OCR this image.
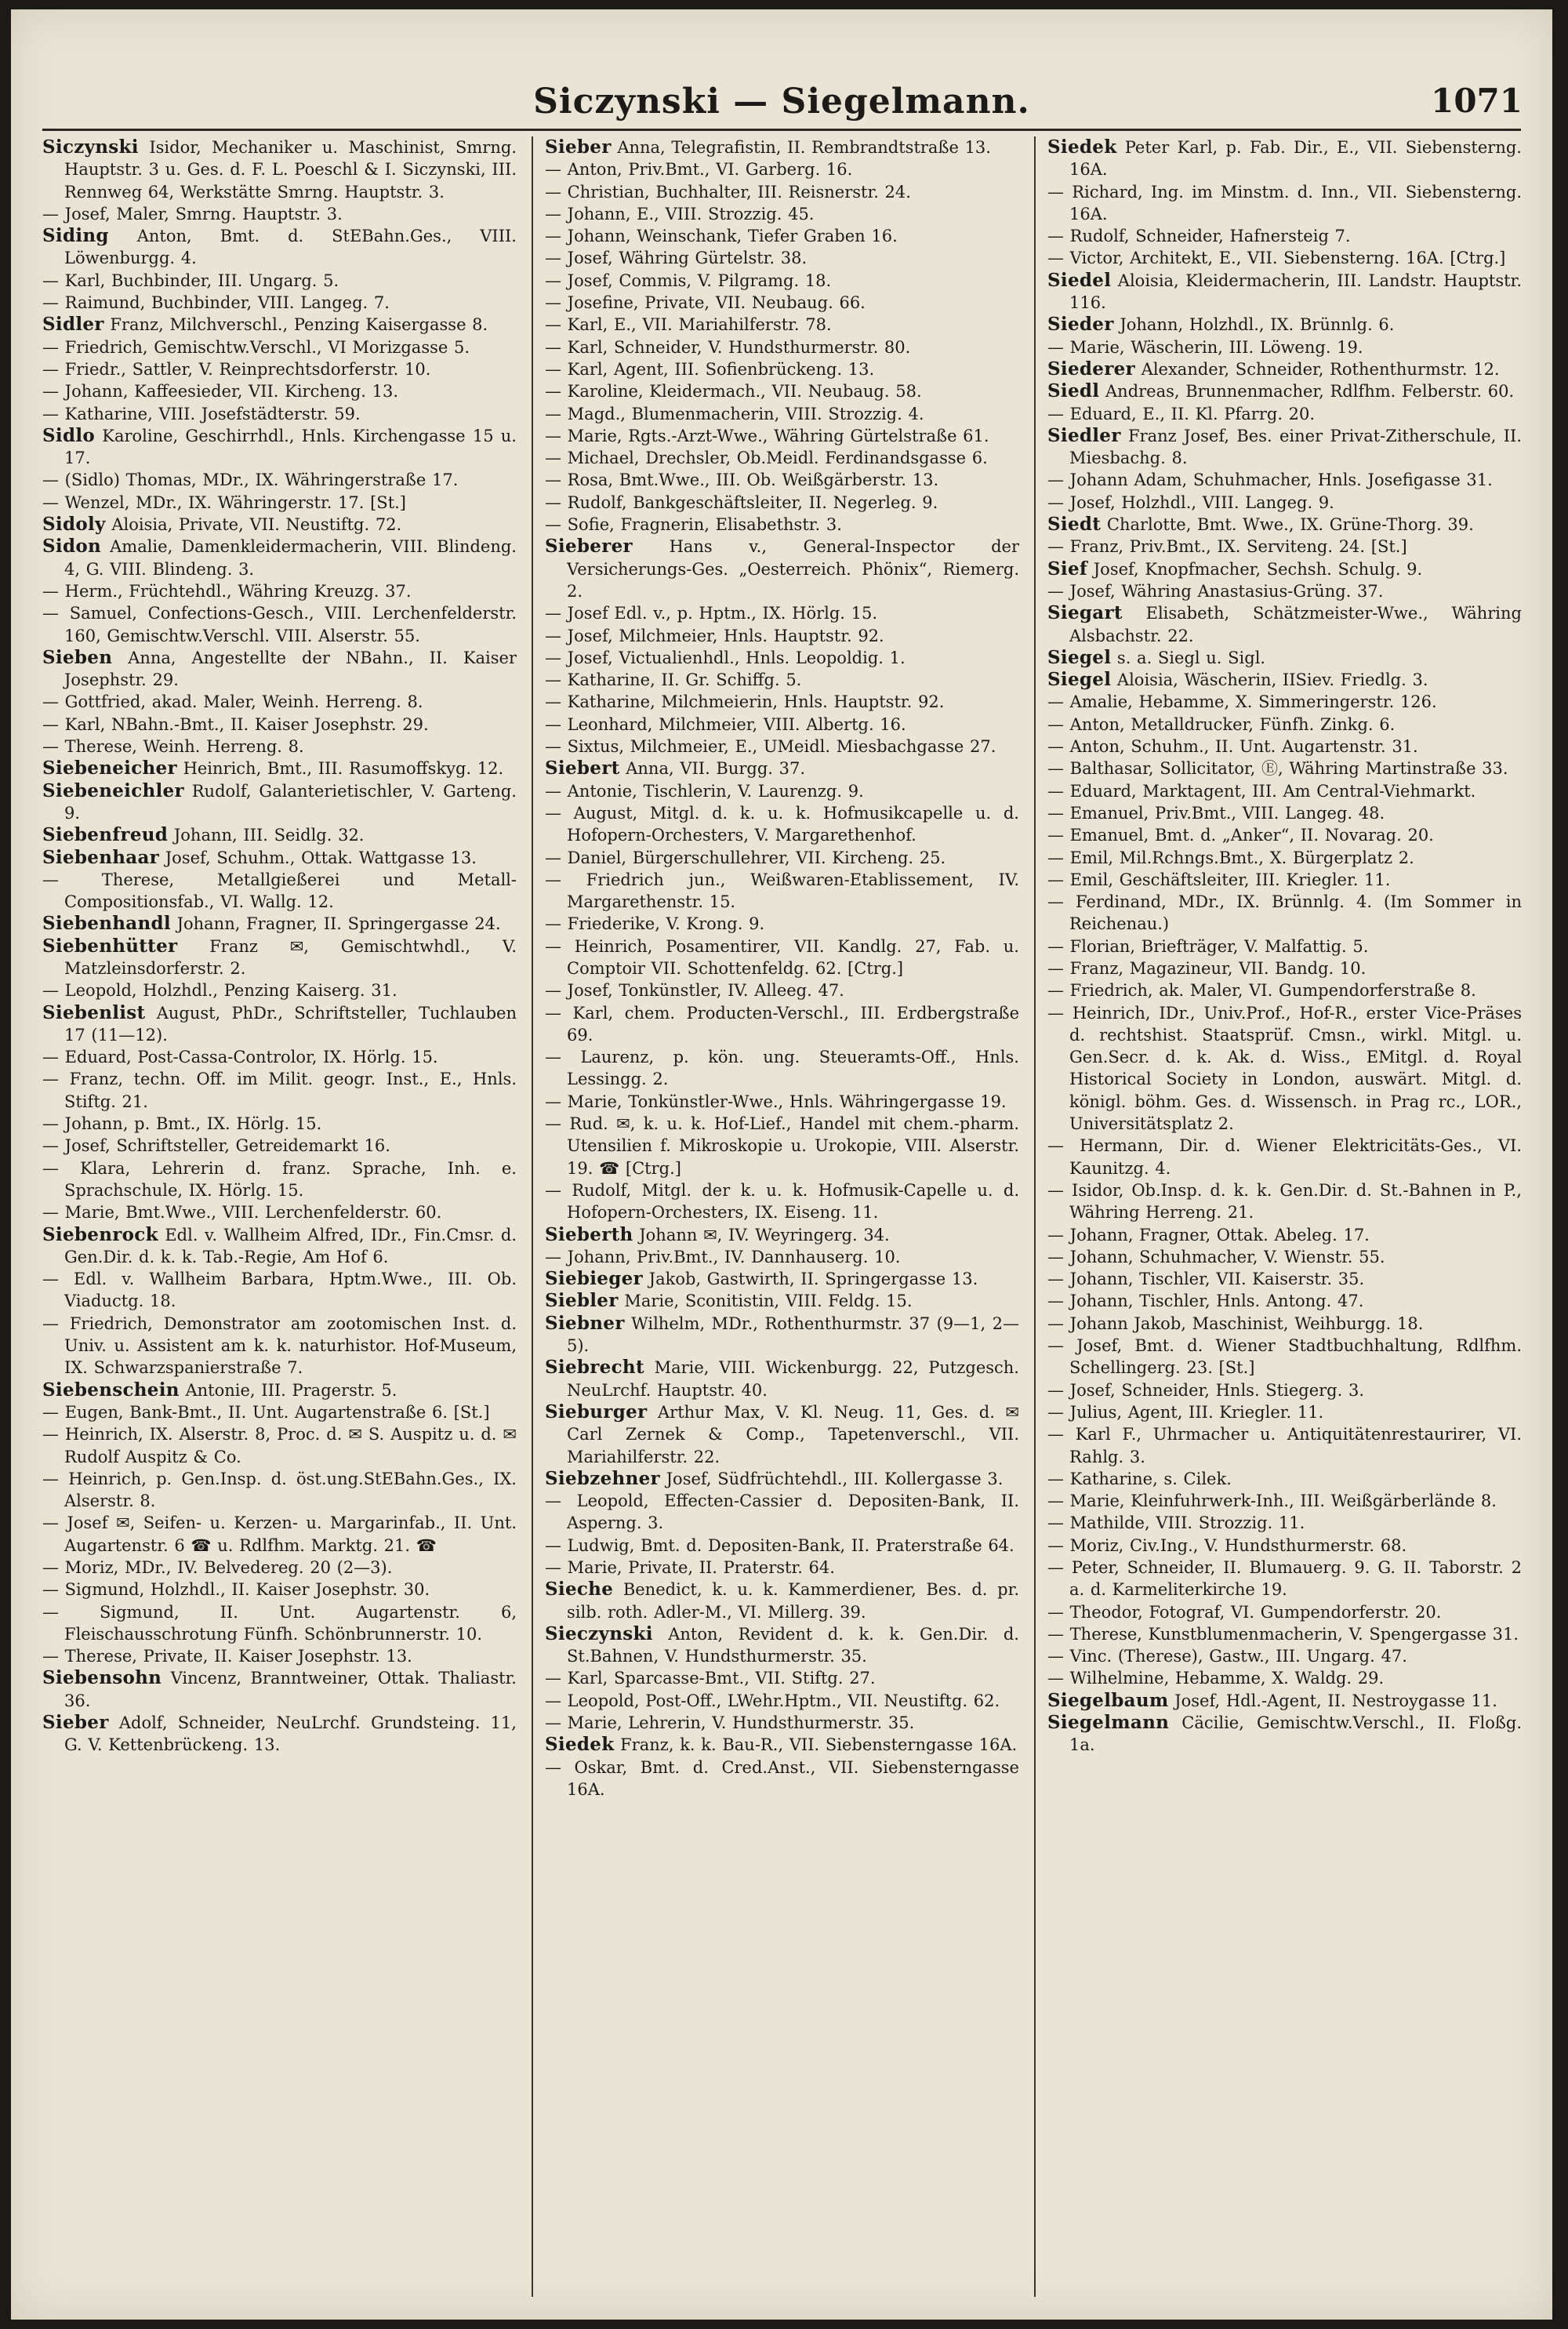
Siczynski — Siegelmann.	1071

Siczynski Isidor, Mechaniker u. Maschinist, Smrng. Hauptstr. 3 u. Ges. d. F. L. Poeschl & I. Siczynski, III. Rennweg 64, Werkstätte Smrng. Hauptstr. 3.

— Josef, Maler, Smrng. Hauptstr. 3.

Siding Anton, Bmt. d. StEBahn.Ges., VIII. Löwenburgg. 4.

— Karl, Buchbinder, III. Ungarg. 5.

— Raimund, Buchbinder, VIII. Langeg. 7.

Sidler Franz, Milchverschl., Penzing Kaisergasse 8.

— Friedrich, Gemischtw.Verschl., VI Morizgasse 5.

— Friedr., Sattler, V. Reinprechtsdorferstr. 10.

— Johann, Kaffeesieder, VII. Kircheng. 13.

— Katharine, VIII. Josefstädterstr. 59.

Sidlo Karoline, Geschirrhdl., Hnls. Kirchengasse 15 u. 17.

— (Sidlo) Thomas, MDr., IX. Währingerstraße 17.

— Wenzel, MDr., IX. Währingerstr. 17. [St.]

Sidoly Aloisia, Private, VII. Neustiftg. 72.

Sidon Amalie, Damenkleidermacherin, VIII. Blindeng. 4, G. VIII. Blindeng. 3.

— Herm., Früchtehdl., Währing Kreuzg. 37.

— Samuel, Confections-Gesch., VIII. Lerchenfelderstr. 160, Gemischtw.Verschl. VIII. Alserstr. 55.

Sieben Anna, Angestellte der NBahn., II. Kaiser Josephstr. 29.

— Gottfried, akad. Maler, Weinh. Herreng. 8.

— Karl, NBahn.-Bmt., II. Kaiser Josephstr. 29.

— Therese, Weinh. Herreng. 8.

Siebeneicher Heinrich, Bmt., III. Rasumoffskyg. 12.

Siebeneichler Rudolf, Galanterietischler, V. Garteng. 9.

Siebenfreud Johann, III. Seidlg. 32.

Siebenhaar Josef, Schuhm., Ottak. Wattgasse 13.

— Therese, Metallgießerei und Metall-Compositionsfab., VI. Wallg. 12.

Siebenhandl Johann, Fragner, II. Springergasse 24.

Siebenhütter Franz ✉, Gemischtwhdl., V. Matzleinsdorferstr. 2.

— Leopold, Holzhdl., Penzing Kaiserg. 31.

Siebenlist August, PhDr., Schriftsteller, Tuchlauben 17 (11—12).

— Eduard, Post-Cassa-Controlor, IX. Hörlg. 15.

— Franz, techn. Off. im Milit. geogr. Inst., E., Hnls. Stiftg. 21.

— Johann, p. Bmt., IX. Hörlg. 15.

— Josef, Schriftsteller, Getreidemarkt 16.

— Klara, Lehrerin d. franz. Sprache, Inh. e. Sprachschule, IX. Hörlg. 15.

— Marie, Bmt.Wwe., VIII. Lerchenfelderstr. 60.

Siebenrock Edl. v. Wallheim Alfred, IDr., Fin.Cmsr. d. Gen.Dir. d. k. k. Tab.-Regie, Am Hof 6.

— Edl. v. Wallheim Barbara, Hptm.Wwe., III. Ob. Viaductg. 18.

— Friedrich, Demonstrator am zootomischen Inst. d. Univ. u. Assistent am k. k. naturhistor. Hof-Museum, IX. Schwarzspanierstraße 7.

Siebenschein Antonie, III. Pragerstr. 5.

— Eugen, Bank-Bmt., II. Unt. Augartenstraße 6. [St.]

— Heinrich, IX. Alserstr. 8, Proc. d. ✉ S. Auspitz u. d. ✉ Rudolf Auspitz & Co.

— Heinrich, p. Gen.Insp. d. öst.ung.StEBahn.Ges., IX. Alserstr. 8.

— Josef ✉, Seifen- u. Kerzen- u. Margarinfab., II. Unt. Augartenstr. 6 ☎ u. Rdlfhm. Marktg. 21. ☎

— Moriz, MDr., IV. Belvedereg. 20 (2—3).

— Sigmund, Holzhdl., II. Kaiser Josephstr. 30.

— Sigmund, II. Unt. Augartenstr. 6, Fleischausschrotung Fünfh. Schönbrunnerstr. 10.

— Therese, Private, II. Kaiser Josephstr. 13.

Siebensohn Vincenz, Branntweiner, Ottak. Thaliastr. 36.

Sieber Adolf, Schneider, NeuLrchf. Grundsteing. 11, G. V. Kettenbrückeng. 13.

Sieber Anna, Telegrafistin, II. Rembrandtstraße 13.

— Anton, Priv.Bmt., VI. Garberg. 16.

— Christian, Buchhalter, III. Reisnerstr. 24.

— Johann, E., VIII. Strozzig. 45.

— Johann, Weinschank, Tiefer Graben 16.

— Josef, Währing Gürtelstr. 38.

— Josef, Commis, V. Pilgramg. 18.

— Josefine, Private, VII. Neubaug. 66.

— Karl, E., VII. Mariahilferstr. 78.

— Karl, Schneider, V. Hundsthurmerstr. 80.

— Karl, Agent, III. Sofienbrückeng. 13.

— Karoline, Kleidermach., VII. Neubaug. 58.

— Magd., Blumenmacherin, VIII. Strozzig. 4.

— Marie, Rgts.-Arzt-Wwe., Währing Gürtelstraße 61.

— Michael, Drechsler, Ob.Meidl. Ferdinandsgasse 6.

— Rosa, Bmt.Wwe., III. Ob. Weißgärberstr. 13.

— Rudolf, Bankgeschäftsleiter, II. Negerleg. 9.

— Sofie, Fragnerin, Elisabethstr. 3.

Sieberer Hans v., General-Inspector der Versicherungs-Ges. „Oesterreich. Phönix“, Riemerg. 2.

— Josef Edl. v., p. Hptm., IX. Hörlg. 15.

— Josef, Milchmeier, Hnls. Hauptstr. 92.

— Josef, Victualienhdl., Hnls. Leopoldig. 1.

— Katharine, II. Gr. Schiffg. 5.

— Katharine, Milchmeierin, Hnls. Hauptstr. 92.

— Leonhard, Milchmeier, VIII. Albertg. 16.

— Sixtus, Milchmeier, E., UMeidl. Miesbachgasse 27.

Siebert Anna, VII. Burgg. 37.

— Antonie, Tischlerin, V. Laurenzg. 9.

— August, Mitgl. d. k. u. k. Hofmusikcapelle u. d. Hofopern-Orchesters, V. Margarethenhof.

— Daniel, Bürgerschullehrer, VII. Kircheng. 25.

— Friedrich jun., Weißwaren-Etablissement, IV. Margarethenstr. 15.

— Friederike, V. Krong. 9.

— Heinrich, Posamentirer, VII. Kandlg. 27, Fab. u. Comptoir VII. Schottenfeldg. 62. [Ctrg.]

— Josef, Tonkünstler, IV. Alleeg. 47.

— Karl, chem. Producten-Verschl., III. Erdbergstraße 69.

— Laurenz, p. kön. ung. Steueramts-Off., Hnls. Lessingg. 2.

— Marie, Tonkünstler-Wwe., Hnls. Währingergasse 19.

— Rud. ✉, k. u. k. Hof-Lief., Handel mit chem.-pharm. Utensilien f. Mikroskopie u. Urokopie, VIII. Alserstr. 19. ☎ [Ctrg.]

— Rudolf, Mitgl. der k. u. k. Hofmusik-Capelle u. d. Hofopern-Orchesters, IX. Eiseng. 11.

Sieberth Johann ✉, IV. Weyringerg. 34.

— Johann, Priv.Bmt., IV. Dannhauserg. 10.

Siebieger Jakob, Gastwirth, II. Springergasse 13.

Siebler Marie, Sconitistin, VIII. Feldg. 15.

Siebner Wilhelm, MDr., Rothenthurmstr. 37 (9—1, 2—5).

Siebrecht Marie, VIII. Wickenburgg. 22, Putzgesch. NeuLrchf. Hauptstr. 40.

Sieburger Arthur Max, V. Kl. Neug. 11, Ges. d. ✉ Carl Zernek & Comp., Tapetenverschl., VII. Mariahilferstr. 22.

Siebzehner Josef, Südfrüchtehdl., III. Kollergasse 3.

— Leopold, Effecten-Cassier d. Depositen-Bank, II. Asperng. 3.

— Ludwig, Bmt. d. Depositen-Bank, II. Praterstraße 64.

— Marie, Private, II. Praterstr. 64.

Sieche Benedict, k. u. k. Kammerdiener, Bes. d. pr. silb. roth. Adler-M., VI. Millerg. 39.

Sieczynski Anton, Revident d. k. k. Gen.Dir. d. St.Bahnen, V. Hundsthurmerstr. 35.

— Karl, Sparcasse-Bmt., VII. Stiftg. 27.

— Leopold, Post-Off., LWehr.Hptm., VII. Neustiftg. 62.

— Marie, Lehrerin, V. Hundsthurmerstr. 35.

Siedek Franz, k. k. Bau-R., VII. Siebensterngasse 16A.

— Oskar, Bmt. d. Cred.Anst., VII. Siebensterngasse 16A.

Siedek Peter Karl, p. Fab. Dir., E., VII. Siebensterng. 16A.

— Richard, Ing. im Minstm. d. Inn., VII. Siebensterng. 16A.

— Rudolf, Schneider, Hafnersteig 7.

— Victor, Architekt, E., VII. Siebensterng. 16A. [Ctrg.]

Siedel Aloisia, Kleidermacherin, III. Landstr. Hauptstr. 116.

Sieder Johann, Holzhdl., IX. Brünnlg. 6.

— Marie, Wäscherin, III. Löweng. 19.

Siederer Alexander, Schneider, Rothenthurmstr. 12.

Siedl Andreas, Brunnenmacher, Rdlfhm. Felberstr. 60.

— Eduard, E., II. Kl. Pfarrg. 20.

Siedler Franz Josef, Bes. einer Privat-Zitherschule, II. Miesbachg. 8.

— Johann Adam, Schuhmacher, Hnls. Josefigasse 31.

— Josef, Holzhdl., VIII. Langeg. 9.

Siedt Charlotte, Bmt. Wwe., IX. Grüne-Thorg. 39.

— Franz, Priv.Bmt., IX. Serviteng. 24. [St.]

Sief Josef, Knopfmacher, Sechsh. Schulg. 9.

— Josef, Währing Anastasius-Grüng. 37.

Siegart Elisabeth, Schätzmeister-Wwe., Währing Alsbachstr. 22.

Siegel s. a. Siegl u. Sigl.

Siegel Aloisia, Wäscherin, IISiev. Friedlg. 3.

— Amalie, Hebamme, X. Simmeringerstr. 126.

— Anton, Metalldrucker, Fünfh. Zinkg. 6.

— Anton, Schuhm., II. Unt. Augartenstr. 31.

— Balthasar, Sollicitator, Ⓔ, Währing Martinstraße 33.

— Eduard, Marktagent, III. Am Central-Viehmarkt.

— Emanuel, Priv.Bmt., VIII. Langeg. 48.

— Emanuel, Bmt. d. „Anker“, II. Novarag. 20.

— Emil, Mil.Rchngs.Bmt., X. Bürgerplatz 2.

— Emil, Geschäftsleiter, III. Kriegler. 11.

— Ferdinand, MDr., IX. Brünnlg. 4. (Im Sommer in Reichenau.)

— Florian, Briefträger, V. Malfattig. 5.

— Franz, Magazineur, VII. Bandg. 10.

— Friedrich, ak. Maler, VI. Gumpendorferstraße 8.

— Heinrich, IDr., Univ.Prof., Hof-R., erster Vice-Präses d. rechtshist. Staatsprüf. Cmsn., wirkl. Mitgl. u. Gen.Secr. d. k. Ak. d. Wiss., EMitgl. d. Royal Historical Society in London, auswärt. Mitgl. d. königl. böhm. Ges. d. Wissensch. in Prag rc., LOR., Universitätsplatz 2.

— Hermann, Dir. d. Wiener Elektricitäts-Ges., VI. Kaunitzg. 4.

— Isidor, Ob.Insp. d. k. k. Gen.Dir. d. St.-Bahnen in P., Währing Herreng. 21.

— Johann, Fragner, Ottak. Abeleg. 17.

— Johann, Schuhmacher, V. Wienstr. 55.

— Johann, Tischler, VII. Kaiserstr. 35.

— Johann, Tischler, Hnls. Antong. 47.

— Johann Jakob, Maschinist, Weihburgg. 18.

— Josef, Bmt. d. Wiener Stadtbuchhaltung, Rdlfhm. Schellingerg. 23. [St.]

— Josef, Schneider, Hnls. Stiegerg. 3.

— Julius, Agent, III. Kriegler. 11.

— Karl F., Uhrmacher u. Antiquitätenrestaurirer, VI. Rahlg. 3.

— Katharine, s. Cilek.

— Marie, Kleinfuhrwerk-Inh., III. Weißgärberlände 8.

— Mathilde, VIII. Strozzig. 11.

— Moriz, Civ.Ing., V. Hundsthurmerstr. 68.

— Peter, Schneider, II. Blumauerg. 9. G. II. Taborstr. 2 a. d. Karmeliterkirche 19.

— Theodor, Fotograf, VI. Gumpendorferstr. 20.

— Therese, Kunstblumenmacherin, V. Spengergasse 31.

— Vinc. (Therese), Gastw., III. Ungarg. 47.

— Wilhelmine, Hebamme, X. Waldg. 29.

Siegelbaum Josef, Hdl.-Agent, II. Nestroygasse 11.

Siegelmann Cäcilie, Gemischtw.Verschl., II. Floßg. 1a.
